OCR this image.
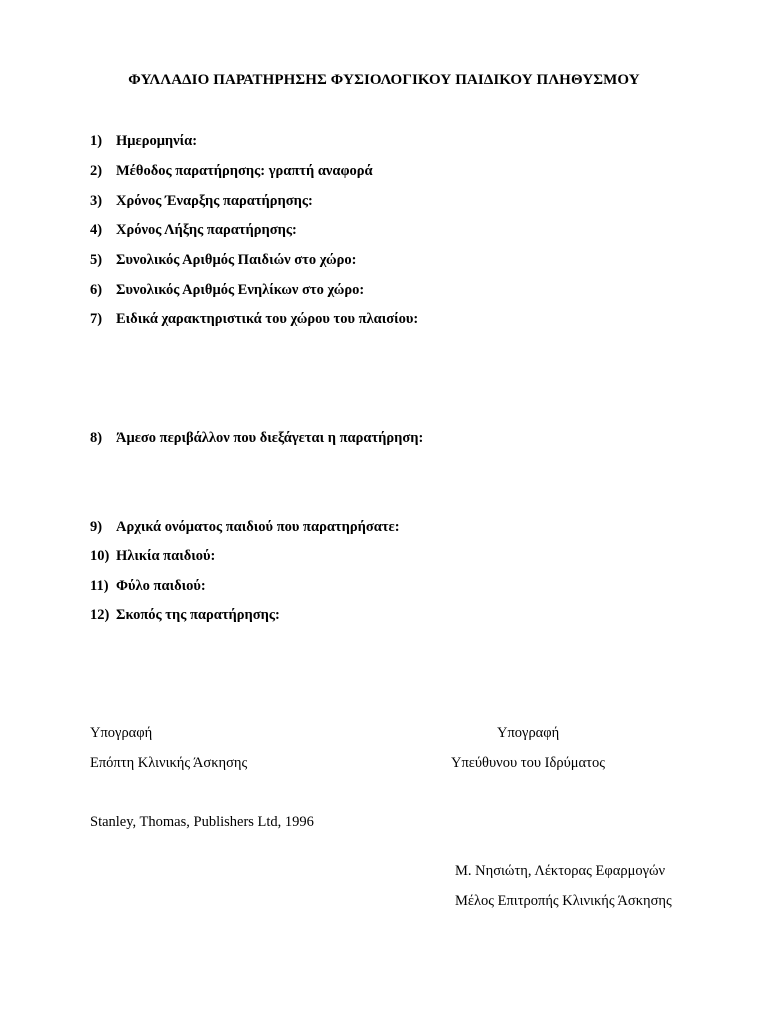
ΦΥΛΛΑΔΙΟ ΠΑΡΑΤΗΡΗΣΗΣ ΦΥΣΙΟΛΟΓΙΚΟΥ ΠΑΙΔΙΚΟΥ ΠΛΗΘΥΣΜΟΥ
1) Ημερομηνία:
2) Μέθοδος παρατήρησης: γραπτή αναφορά
3) Χρόνος Έναρξης παρατήρησης:
4) Χρόνος Λήξης παρατήρησης:
5) Συνολικός Αριθμός Παιδιών στο χώρο:
6) Συνολικός Αριθμός Ενηλίκων στο χώρο:
7) Ειδικά χαρακτηριστικά του χώρου του πλαισίου:
8) Άμεσο περιβάλλον που διεξάγεται η παρατήρηση:
9) Αρχικά ονόματος παιδιού που παρατηρήσατε:
10) Ηλικία παιδιού:
11) Φύλο παιδιού:
12) Σκοπός της παρατήρησης:
Υπογραφή
Επόπτη Κλινικής Άσκησης
Υπογραφή
Υπεύθυνου του Ιδρύματος
Stanley, Thomas, Publishers Ltd, 1996
Μ. Νησιώτη, Λέκτορας Εφαρμογών
Μέλος Επιτροπής Κλινικής Άσκησης
